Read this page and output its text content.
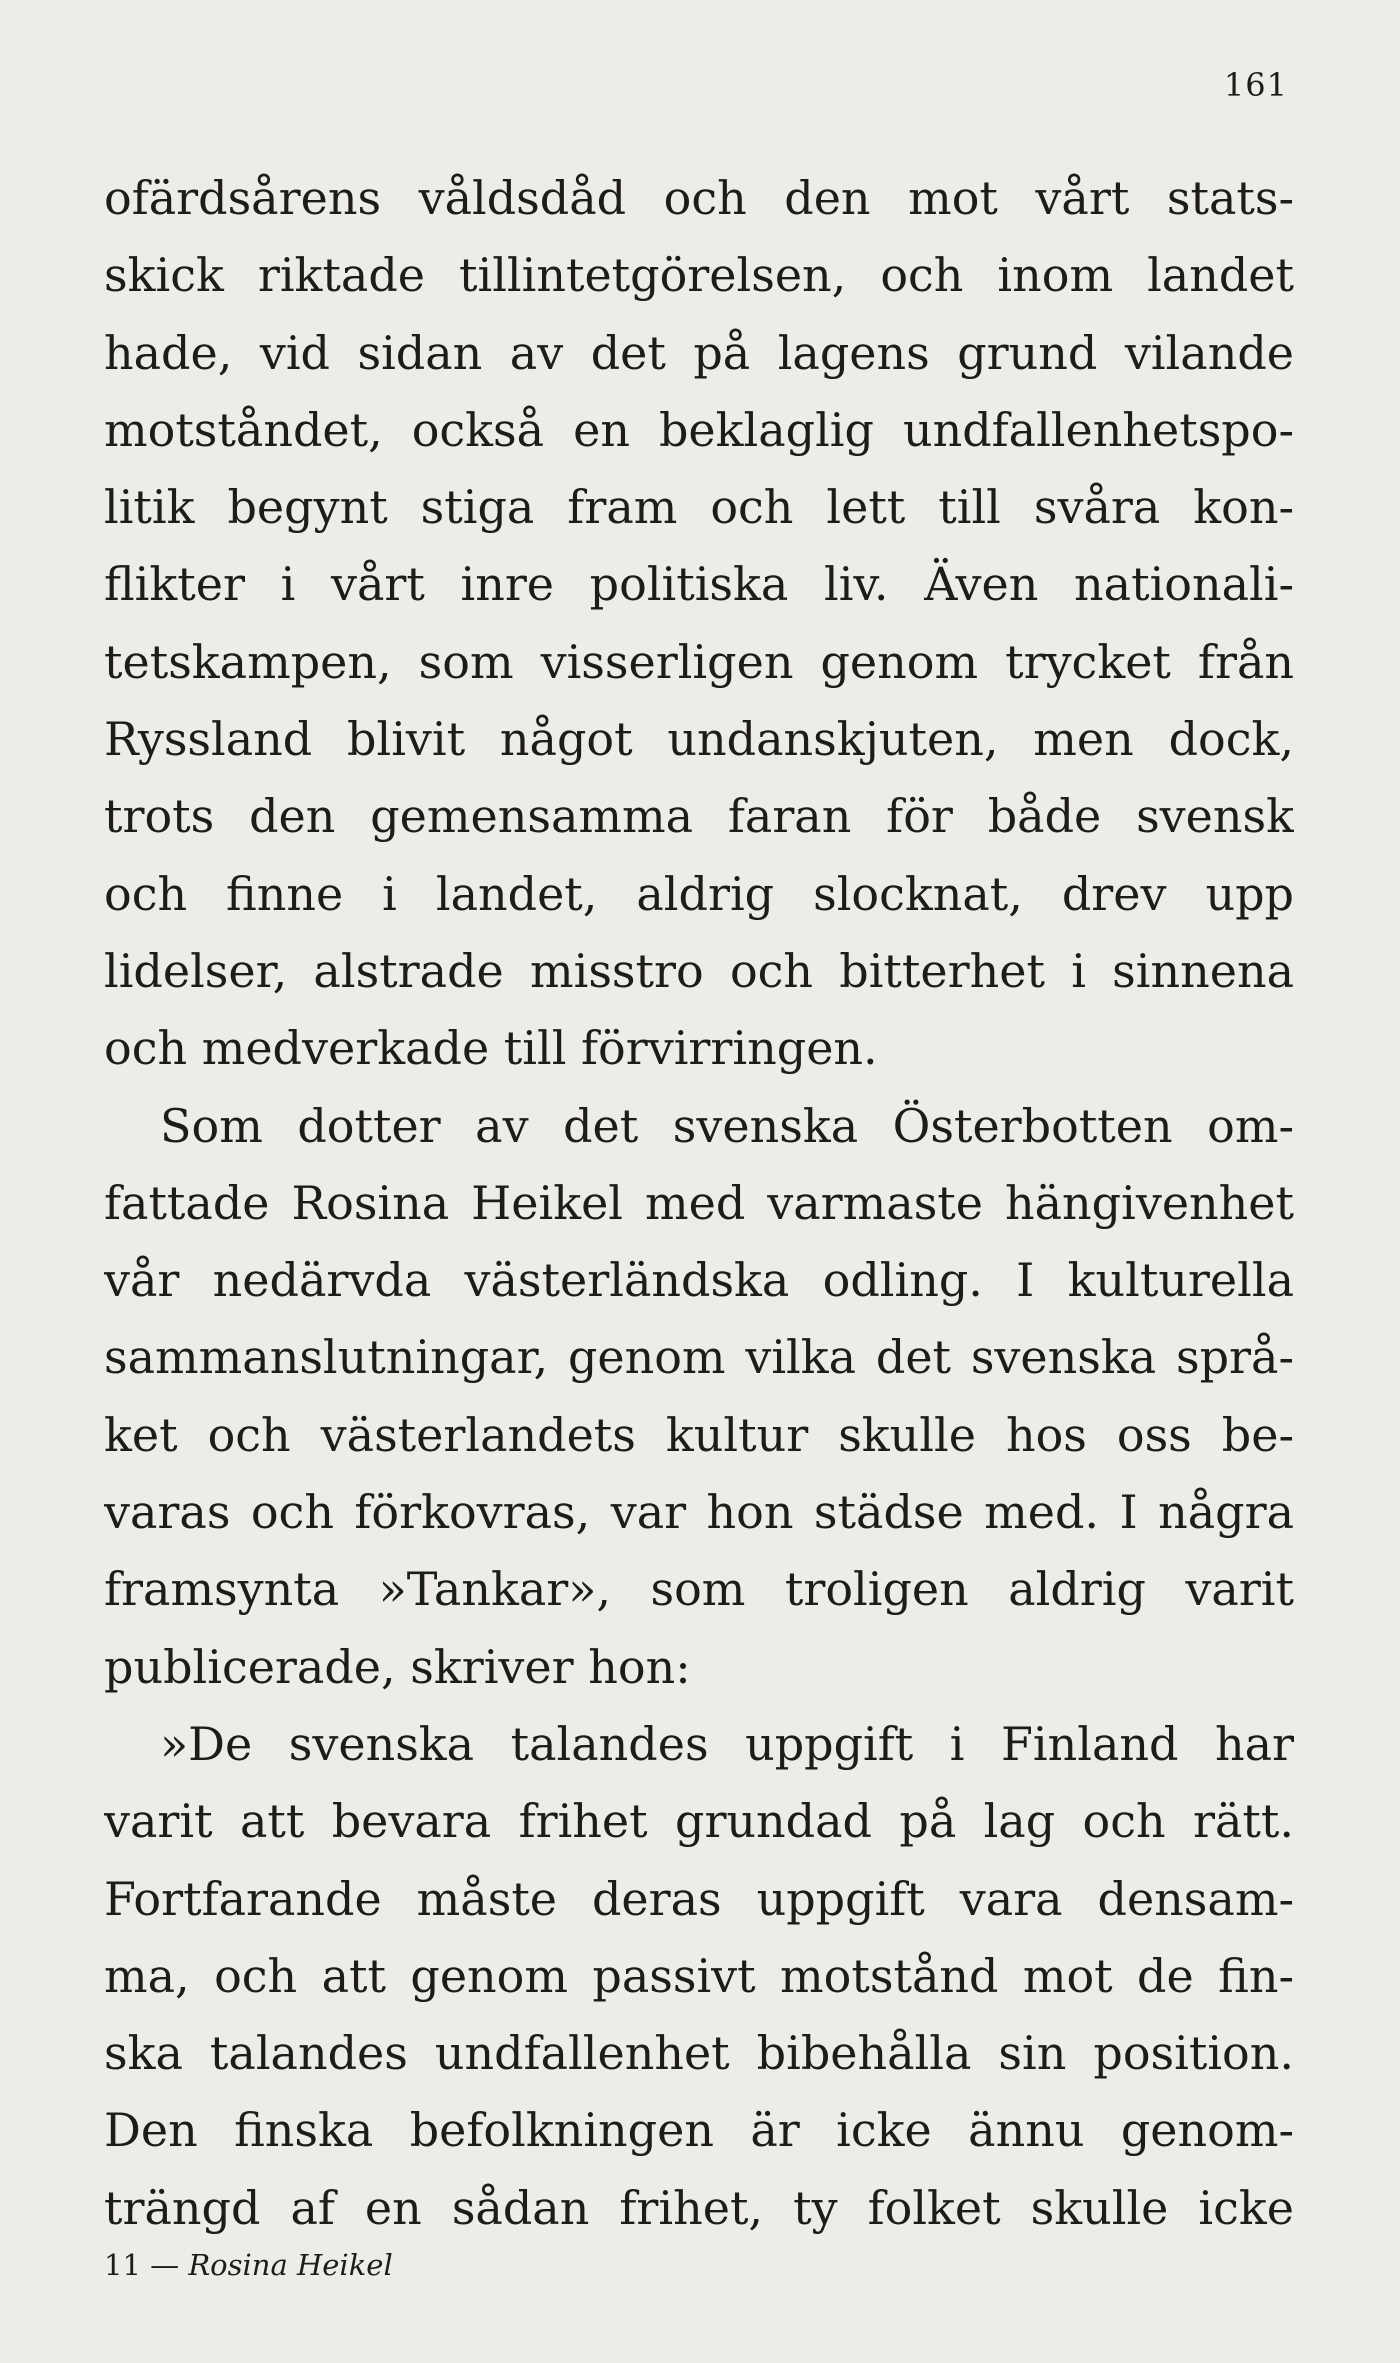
161
ofärdsårens våldsdåd och den mot vårt stats-
skick riktade tillintetgörelsen, och inom landet
hade, vid sidan av det på lagens grund vilande
motståndet, också en beklaglig undfallenhetspo-
litik begynt stiga fram och lett till svåra kon-
flikter i vårt inre politiska liv. Även nationali-
tetskampen, som visserligen genom trycket från
Ryssland blivit något undanskjuten, men dock,
trots den gemensamma faran för både svensk
och finne i landet, aldrig slocknat, drev upp
lidelser, alstrade misstro och bitterhet i sinnena
och medverkade till förvirringen.
Som dotter av det svenska Österbotten om-
fattade Rosina Heikel med varmaste hängivenhet
vår nedärvda västerländska odling. I kulturella
sammanslutningar, genom vilka det svenska språ-
ket och västerlandets kultur skulle hos oss be-
varas och förkovras, var hon städse med. I några
framsynta »Tankar», som troligen aldrig varit
publicerade, skriver hon:
»De svenska talandes uppgift i Finland har
varit att bevara frihet grundad på lag och rätt.
Fortfarande måste deras uppgift vara densam-
ma, och att genom passivt motstånd mot de fin-
ska talandes undfallenhet bibehålla sin position.
Den finska befolkningen är icke ännu genom-
trängd af en sådan frihet, ty folket skulle icke
11 — Rosina Heikel
